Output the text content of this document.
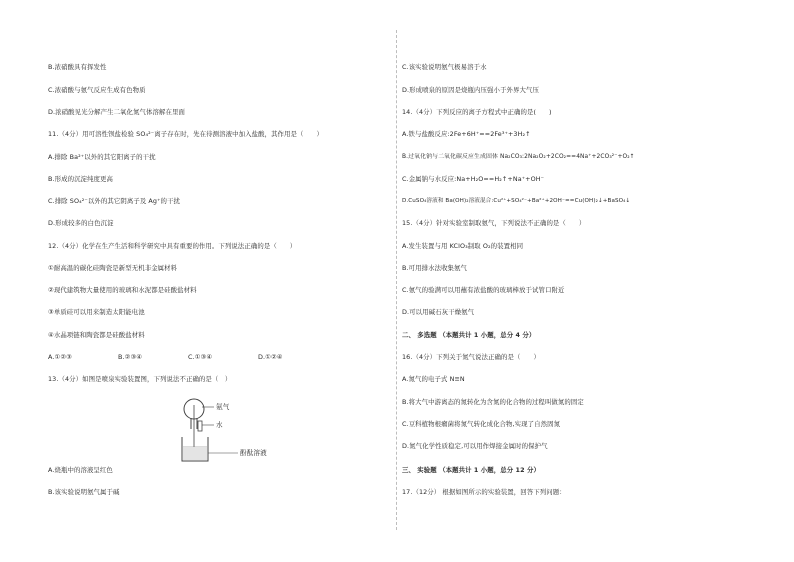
B.浓硝酸具有挥发性
C.浓硝酸与氨气反应生成有色物质
D.浓硝酸见光分解产生二氧化氮气体溶解在里面
11.（4分）用可溶性钡盐检验 SO₄²⁻离子存在时，先在待测溶液中加入盐酸，其作用是（　　）
A.排除 Ba²⁺以外的其它阳离子的干扰
B.形成的沉淀纯度更高
C.排除 SO₄²⁻以外的其它阴离子及 Ag⁺的干扰
D.形成较多的白色沉淀
12.（4分）化学在生产生活和科学研究中具有重要的作用。下列说法正确的是（　　）
①耐高温的碳化硅陶瓷是新型无机非金属材料
②现代建筑物大量使用的玻璃和水泥都是硅酸盐材料
③单质硅可以用来制造太阳能电池
④水晶项链和陶瓷都是硅酸盐材料
A.①②③	B.②③④	C.①③④	D.①②④
13.（4分）如图是喷泉实验装置图，下列说法不正确的是（　）
A.烧瓶中的溶液呈红色
B.该实验说明氨气属于碱
氨气
水
酚酞溶液
C.该实验说明氨气极易溶于水
D.形成喷泉的原因是烧瓶内压强小于外界大气压
14.（4分）下列反应的离子方程式中正确的是(　　)
A.铁与盐酸反应:2Fe+6H⁺==2Fe³⁺+3H₂↑
B.过氧化钠与二氧化碳反应生成固体 Na₂CO₃:2Na₂O₂+2CO₂==4Na⁺+2CO₃²⁻+O₂↑
C.金属钠与水反应:Na+H₂O==H₂↑+Na⁺+OH⁻
D.CuSO₄溶液和 Ba(OH)₂溶液混合:Cu²⁺+SO₄²⁻+Ba²⁺+2OH⁻==Cu(OH)₂↓+BaSO₄↓
15.（4分）针对实验室制取氨气，下列说法不正确的是（　　）
A.发生装置与用 KClO₃制取 O₂的装置相同
B.可用排水法收集氨气
C.氨气的验满可以用蘸有浓盐酸的玻璃棒放于试管口附近
D.可以用碱石灰干燥氨气
二、 多选题 （本题共计 1 小题，总分 4 分）
16.（4分）下列关于氮气说法正确的是（　　）
A.氮气的电子式 N≡N
B.将大气中游离态的氮转化为含氮的化合物的过程叫做氮的固定
C.豆科植物根瘤菌将氮气转化成化合物,实现了自然固氮
D.氮气化学性质稳定,可以用作焊接金属时的保护气
三、 实验题 （本题共计 1 小题，总分 12 分）
17.（12分） 根据如图所示的实验装置，回答下列问题：
